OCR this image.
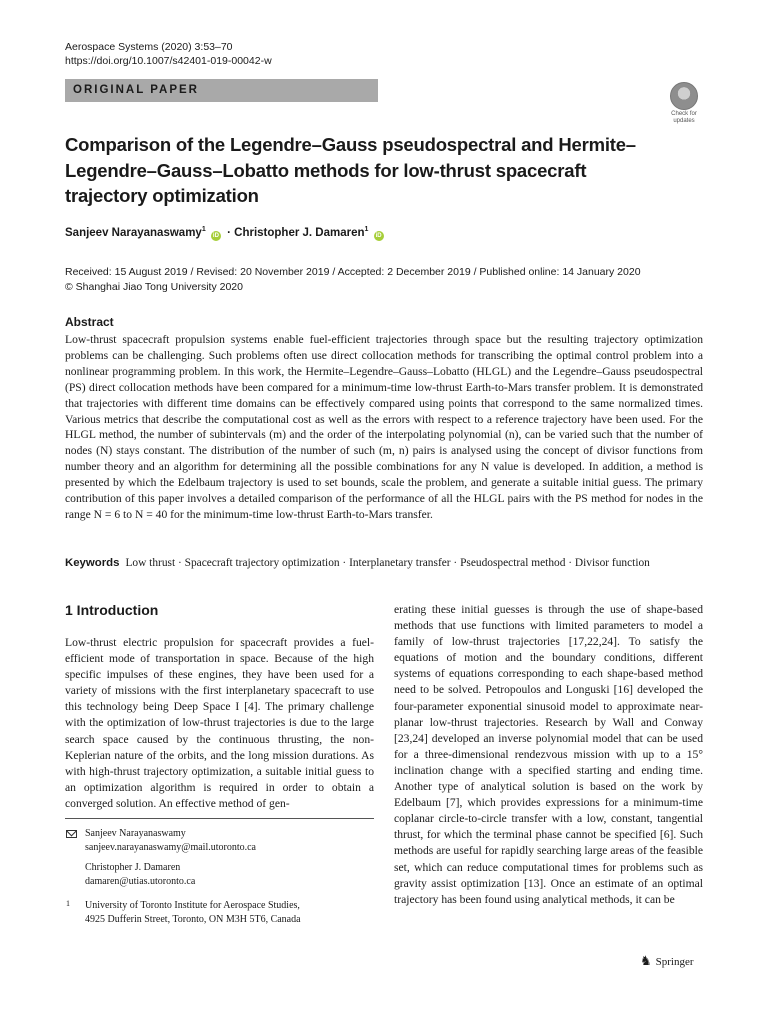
Aerospace Systems (2020) 3:53–70
https://doi.org/10.1007/s42401-019-00042-w
ORIGINAL PAPER
Check for
updates
Comparison of the Legendre–Gauss pseudospectral and Hermite–Legendre–Gauss–Lobatto methods for low-thrust spacecraft trajectory optimization
Sanjeev Narayanaswamy$^1$ iD · Christopher J. Damaren$^1$ iD
Received: 15 August 2019 / Revised: 20 November 2019 / Accepted: 2 December 2019 / Published online: 14 January 2020
© Shanghai Jiao Tong University 2020
Abstract
Low-thrust spacecraft propulsion systems enable fuel-efficient trajectories through space but the resulting trajectory optimization problems can be challenging. Such problems often use direct collocation methods for transcribing the optimal control problem into a nonlinear programming problem. In this work, the Hermite–Legendre–Gauss–Lobatto (HLGL) and the Legendre–Gauss pseudospectral (PS) direct collocation methods have been compared for a minimum-time low-thrust Earth-to-Mars transfer problem. It is demonstrated that trajectories with different time domains can be effectively compared using points that correspond to the same normalized times. Various metrics that describe the computational cost as well as the errors with respect to a reference trajectory have been used. For the HLGL method, the number of subintervals (m) and the order of the interpolating polynomial (n), can be varied such that the number of nodes (N) stays constant. The distribution of the number of such (m, n) pairs is analysed using the concept of divisor functions from number theory and an algorithm for determining all the possible combinations for any N value is developed. In addition, a method is presented by which the Edelbaum trajectory is used to set bounds, scale the problem, and generate a suitable initial guess. The primary contribution of this paper involves a detailed comparison of the performance of all the HLGL pairs with the PS method for nodes in the range N = 6 to N = 40 for the minimum-time low-thrust Earth-to-Mars transfer.
Keywords Low thrust · Spacecraft trajectory optimization · Interplanetary transfer · Pseudospectral method · Divisor function
1 Introduction

Low-thrust electric propulsion for spacecraft provides a fuel-efficient mode of transportation in space. Because of the high specific impulses of these engines, they have been used for a variety of missions with the first interplanetary spacecraft to use this technology being Deep Space I [4]. The primary challenge with the optimization of low-thrust trajectories is due to the large search space caused by the continuous thrusting, the non-Keplerian nature of the orbits, and the long mission durations. As with high-thrust trajectory optimization, a suitable initial guess to an optimization algorithm is required in order to obtain a converged solution. An effective method of gen-

erating these initial guesses is through the use of shape-based methods that use functions with limited parameters to model a family of low-thrust trajectories [17,22,24]. To satisfy the equations of motion and the boundary conditions, different systems of equations corresponding to each shape-based method need to be solved. Petropoulos and Longuski [16] developed the four-parameter exponential sinusoid model to approximate near-planar low-thrust trajectories. Research by Wall and Conway [23,24] developed an inverse polynomial model that can be used for a three-dimensional rendezvous mission with up to a 15° inclination change with a specified starting and ending time. Another type of analytical solution is based on the work by Edelbaum [7], which provides expressions for a minimum-time coplanar circle-to-circle transfer with a low, constant, tangential thrust, for which the terminal phase cannot be specified [6]. Such methods are useful for rapidly searching large areas of the feasible set, which can reduce computational times for problems such as gravity assist optimization [13]. Once an estimate of an optimal trajectory has been found using analytical methods, it can be

Sanjeev Narayanaswamy
sanjeev.narayanaswamy@mail.utoronto.ca
Christopher J. Damaren
damaren@utias.utoronto.ca
1 University of Toronto Institute for Aerospace Studies,
4925 Dufferin Street, Toronto, ON M3H 5T6, Canada
♞ Springer
